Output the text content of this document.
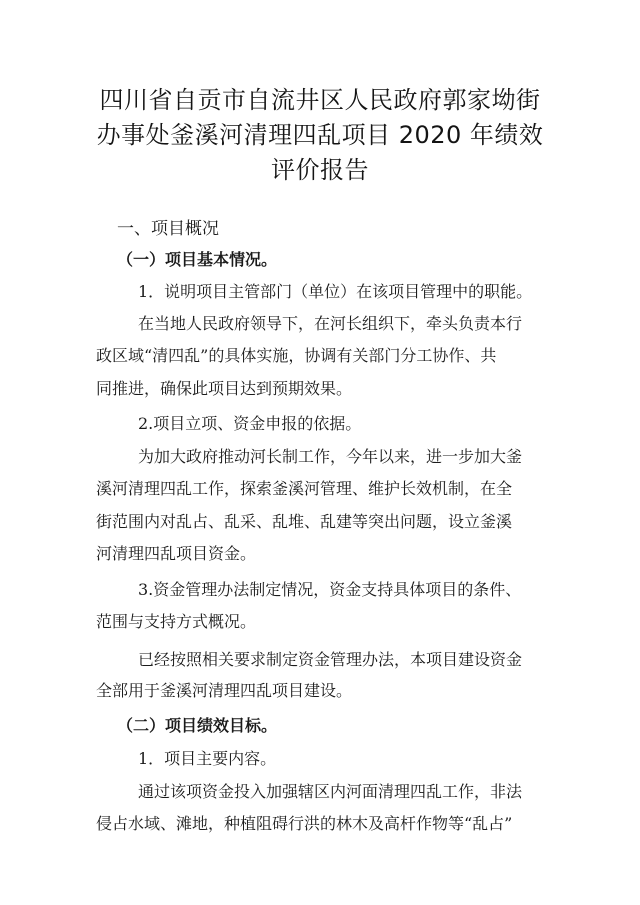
四川省自贡市自流井区人民政府郭家坳街
办事处釜溪河清理四乱项目 2020 年绩效
评价报告
一、项目概况
（一）项目基本情况。
1．说明项目主管部门（单位）在该项目管理中的职能。
在当地人民政府领导下，在河长组织下，牵头负责本行
政区域“清四乱”的具体实施，协调有关部门分工协作、共
同推进，确保此项目达到预期效果。
2.项目立项、资金申报的依据。
为加大政府推动河长制工作，今年以来，进一步加大釜
溪河清理四乱工作，探索釜溪河管理、维护长效机制，在全
街范围内对乱占、乱采、乱堆、乱建等突出问题，设立釜溪
河清理四乱项目资金。
3.资金管理办法制定情况，资金支持具体项目的条件、
范围与支持方式概况。
已经按照相关要求制定资金管理办法，本项目建设资金
全部用于釜溪河清理四乱项目建设。
（二）项目绩效目标。
1．项目主要内容。
通过该项资金投入加强辖区内河面清理四乱工作，非法
侵占水域、滩地，种植阻碍行洪的林木及高杆作物等“乱占”
